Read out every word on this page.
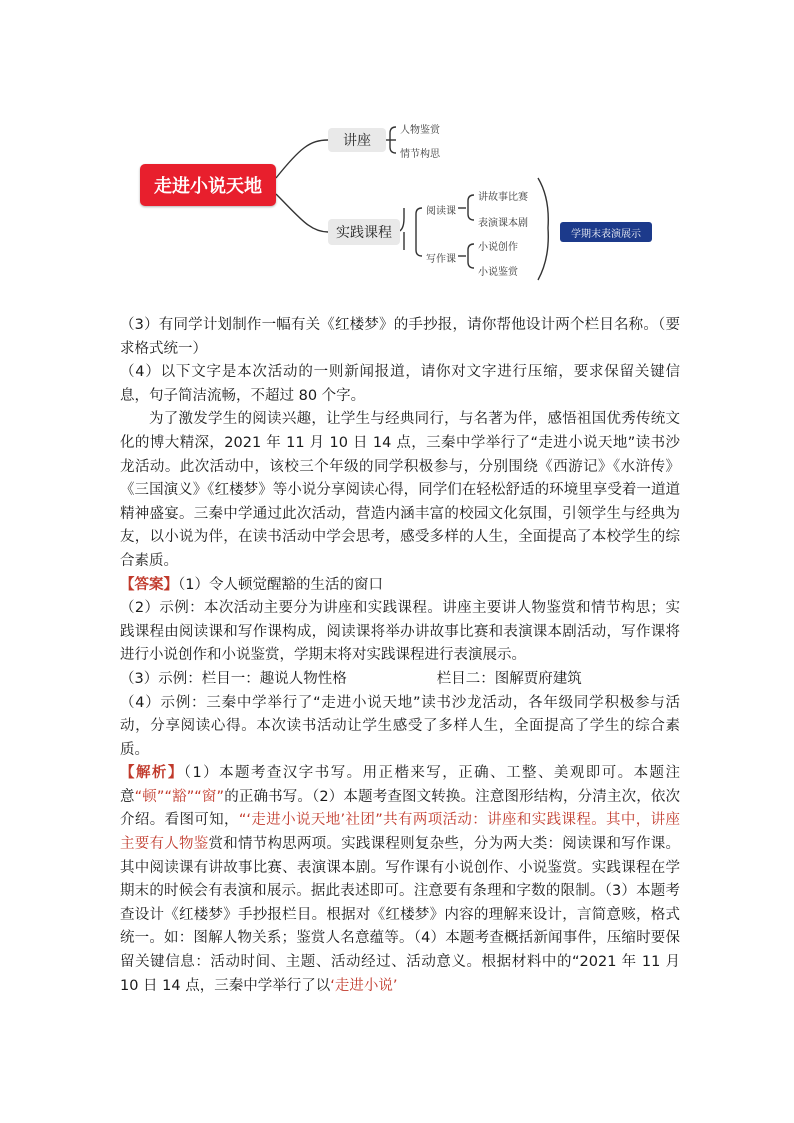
走进小说天地
讲座
人物鉴赏
情节构思
实践课程
阅读课
讲故事比赛
表演课本剧
写作课
小说创作
小说鉴赏
学期末表演展示

（3）有同学计划制作一幅有关《红楼梦》的手抄报，请你帮他设计两个栏目名称。（要求格式统一）

（4）以下文字是本次活动的一则新闻报道，请你对文字进行压缩，要求保留关键信息，句子简洁流畅，不超过 80 个字。

为了激发学生的阅读兴趣，让学生与经典同行，与名著为伴，感悟祖国优秀传统文化的博大精深，2021 年 11 月 10 日 14 点，三秦中学举行了“走进小说天地”读书沙龙活动。此次活动中，该校三个年级的同学积极参与，分别围绕《西游记》《水浒传》《三国演义》《红楼梦》等小说分享阅读心得，同学们在轻松舒适的环境里享受着一道道精神盛宴。三秦中学通过此次活动，营造内涵丰富的校园文化氛围，引领学生与经典为友，以小说为伴，在读书活动中学会思考，感受多样的人生，全面提高了本校学生的综合素质。

【答案】（1）令人顿觉醒豁的生活的窗口

（2）示例：本次活动主要分为讲座和实践课程。讲座主要讲人物鉴赏和情节构思；实践课程由阅读课和写作课构成，阅读课将举办讲故事比赛和表演课本剧活动，写作课将进行小说创作和小说鉴赏，学期末将对实践课程进行表演展示。

（3）示例：栏目一：趣说人物性格	栏目二：图解贾府建筑

（4）示例：三秦中学举行了“走进小说天地”读书沙龙活动，各年级同学积极参与活动，分享阅读心得。本次读书活动让学生感受了多样人生，全面提高了学生的综合素质。

【解析】（1）本题考查汉字书写。用正楷来写，正确、工整、美观即可。本题注意“顿”“豁”“窗”的正确书写。（2）本题考查图文转换。注意图形结构，分清主次，依次介绍。看图可知，“‘走进小说天地’社团”共有两项活动：讲座和实践课程。其中，讲座主要有人物鉴赏和情节构思两项。实践课程则复杂些，分为两大类：阅读课和写作课。其中阅读课有讲故事比赛、表演课本剧。写作课有小说创作、小说鉴赏。实践课程在学期末的时候会有表演和展示。据此表述即可。注意要有条理和字数的限制。（3）本题考查设计《红楼梦》手抄报栏目。根据对《红楼梦》内容的理解来设计，言简意赅，格式统一。如：图解人物关系；鉴赏人名意蕴等。（4）本题考查概括新闻事件，压缩时要保留关键信息：活动时间、主题、活动经过、活动意义。根据材料中的“2021 年 11 月 10 日 14 点，三秦中学举行了以‘走进小说’
